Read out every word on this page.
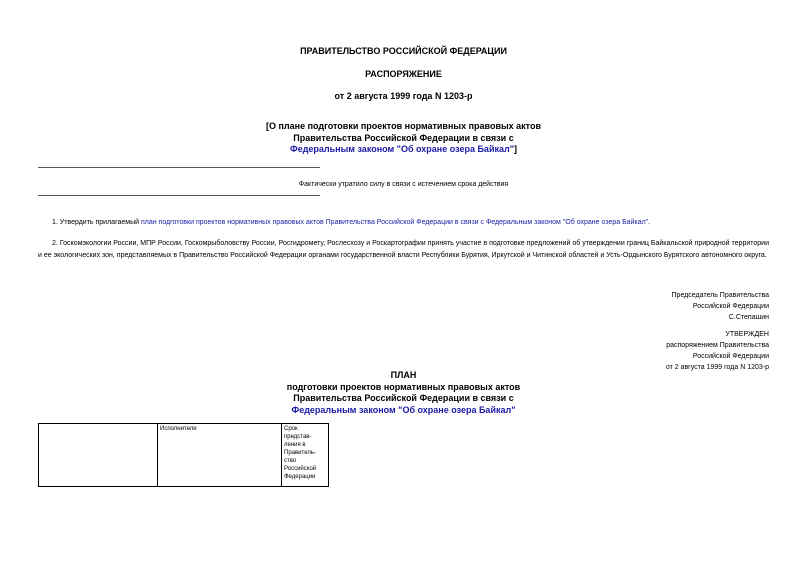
ПРАВИТЕЛЬСТВО РОССИЙСКОЙ ФЕДЕРАЦИИ
РАСПОРЯЖЕНИЕ
от 2 августа 1999 года N 1203-р
[О плане подготовки проектов нормативных правовых актов
Правительства Российской Федерации в связи с
Федеральным законом "Об охране озера Байкал"]
Фактически утратило силу в связи с истечением срока действия
1. Утвердить прилагаемый план подготовки проектов нормативных правовых актов Правительства Российской Федерации в связи с Федеральным законом "Об охране озера Байкал".
2. Госкомэкологии России, МПР России, Госкомрыболовству России, Росгидромету, Рослесхозу и Роскартографии принять участие в подготовке предложений об утверждении границ Байкальской природной территории и ее экологических зон, представляемых в Правительство Российской Федерации органами государственной власти Республики Бурятия, Иркутской и Читинской областей и Усть-Ордынского Бурятского автономного округа.
Председатель Правительства
Российской Федерации
С.Степашин
УТВЕРЖДЕН
распоряжением Правительства
Российской Федерации
от 2 августа 1999 года N 1203-р
ПЛАН
подготовки проектов нормативных правовых актов
Правительства Российской Федерации в связи с
Федеральным законом "Об охране озера Байкал"
	Исполнители	Срок
представ-
ления в
Правитель-
ство
Российской
Федерации
